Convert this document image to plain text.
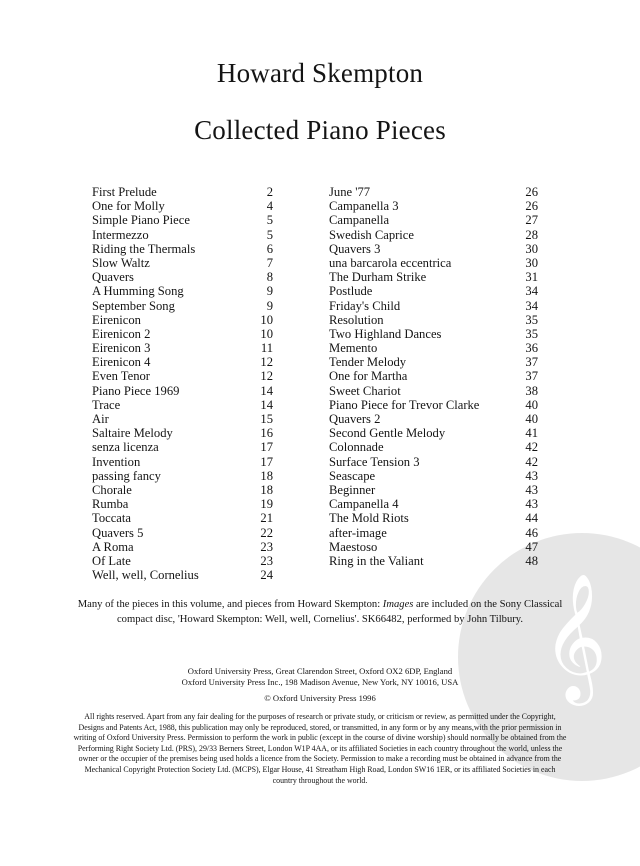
𝄞
Howard Skempton
Collected Piano Pieces
First Prelude	2
One for Molly	4
Simple Piano Piece	5
Intermezzo	5
Riding the Thermals	6
Slow Waltz	7
Quavers	8
A Humming Song	9
September Song	9
Eirenicon	10
Eirenicon 2	10
Eirenicon 3	11
Eirenicon 4	12
Even Tenor	12
Piano Piece 1969	14
Trace	14
Air	15
Saltaire Melody	16
senza licenza	17
Invention	17
passing fancy	18
Chorale	18
Rumba	19
Toccata	21
Quavers 5	22
A Roma	23
Of Late	23
Well, well, Cornelius	24
June '77	26
Campanella 3	26
Campanella	27
Swedish Caprice	28
Quavers 3	30
una barcarola eccentrica	30
The Durham Strike	31
Postlude	34
Friday's Child	34
Resolution	35
Two Highland Dances	35
Memento	36
Tender Melody	37
One for Martha	37
Sweet Chariot	38
Piano Piece for Trevor Clarke	40
Quavers 2	40
Second Gentle Melody	41
Colonnade	42
Surface Tension 3	42
Seascape	43
Beginner	43
Campanella 4	43
The Mold Riots	44
after-image	46
Maestoso	47
Ring in the Valiant	48
Many of the pieces in this volume, and pieces from Howard Skempton: Images are included on the Sony Classical compact disc, 'Howard Skempton: Well, well, Cornelius'. SK66482, performed by John Tilbury.
Oxford University Press, Great Clarendon Street, Oxford OX2 6DP, England
Oxford University Press Inc., 198 Madison Avenue, New York, NY 10016, USA
© Oxford University Press 1996
All rights reserved. Apart from any fair dealing for the purposes of research or private study, or criticism or review, as permitted under the Copyright, Designs and Patents Act, 1988, this publication may only be reproduced, stored, or transmitted, in any form or by any means,with the prior permission in writing of Oxford University Press. Permission to perform the work in public (except in the course of divine worship) should normally be obtained from the Performing Right Society Ltd. (PRS), 29/33 Berners Street, London W1P 4AA, or its affiliated Societies in each country throughout the world, unless the owner or the occupier of the premises being used holds a licence from the Society. Permission to make a recording must be obtained in advance from the Mechanical Copyright Protection Society Ltd. (MCPS), Elgar House, 41 Streatham High Road, London SW16 1ER, or its affiliated Societies in each country throughout the world.
